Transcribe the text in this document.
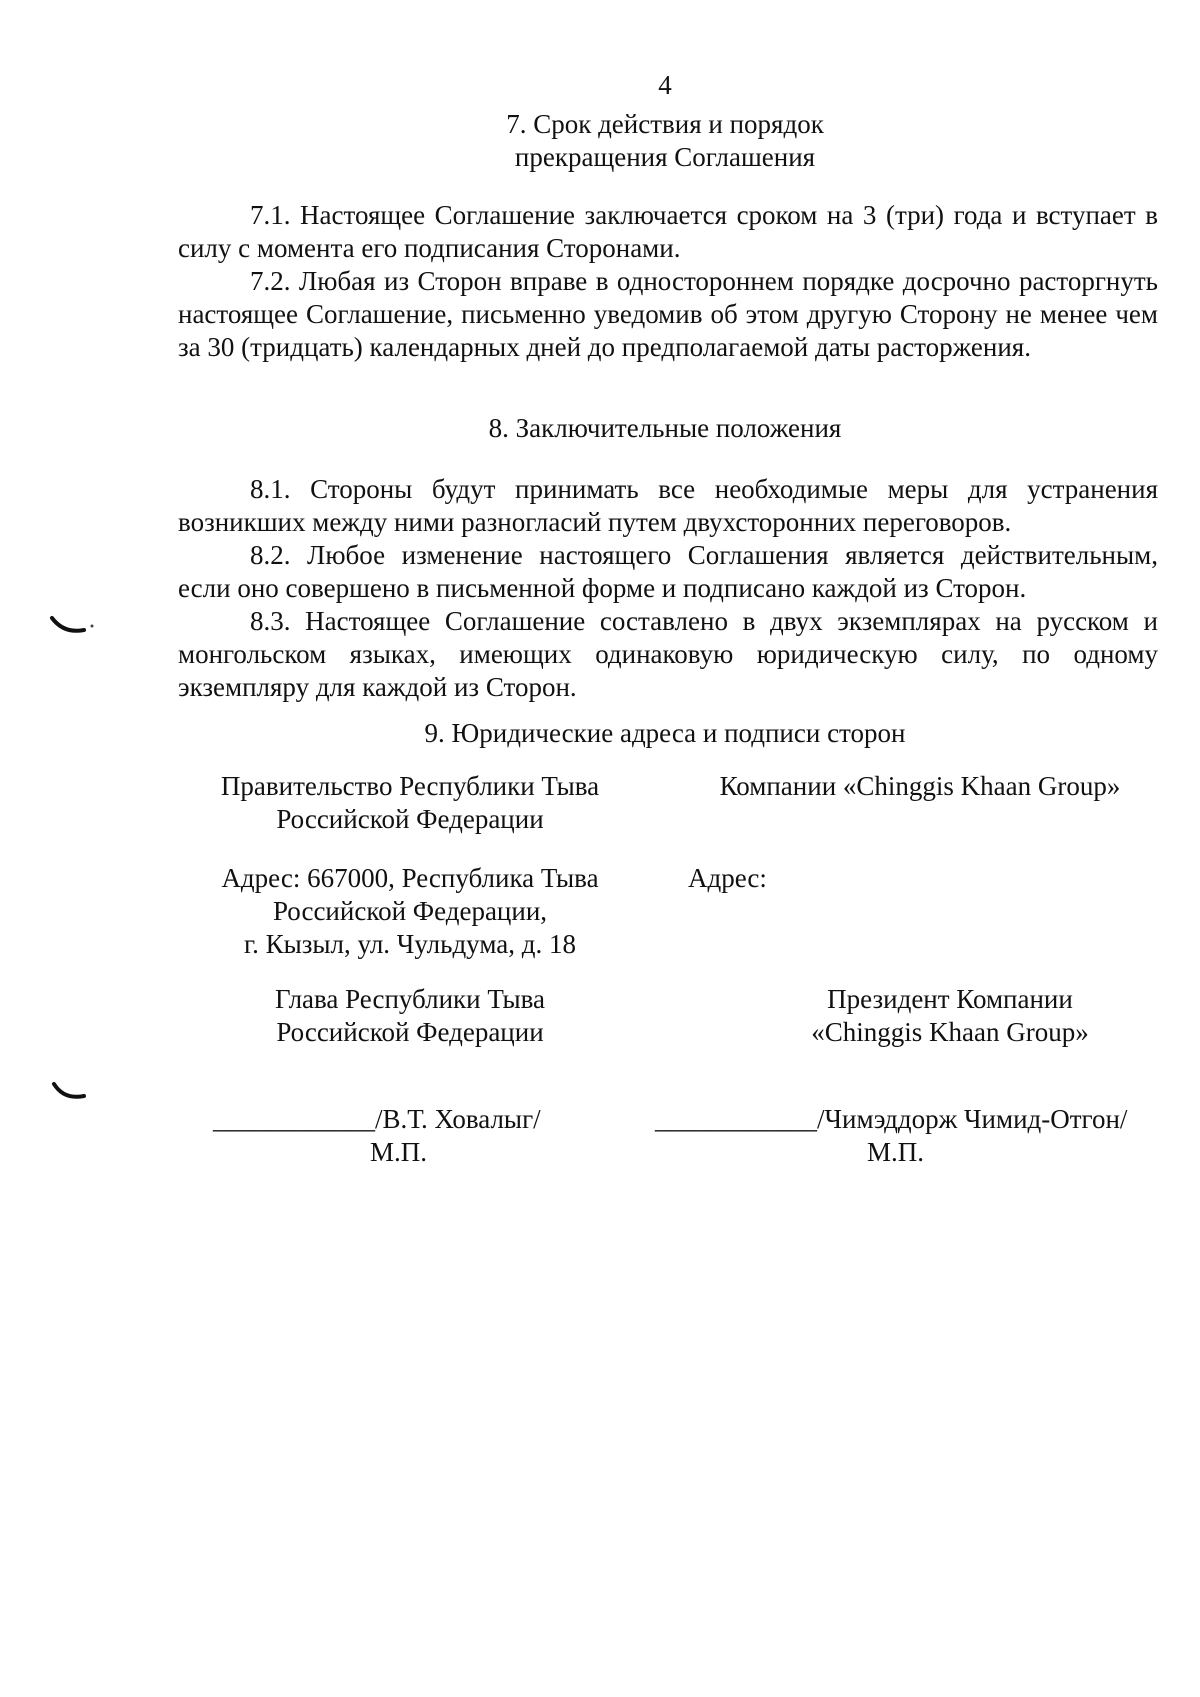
4
7. Срок действия и порядок
прекращения Соглашения
7.1. Настоящее Соглашение заключается сроком на 3 (три) года и вступает в силу с момента его подписания Сторонами.
7.2. Любая из Сторон вправе в одностороннем порядке досрочно расторгнуть настоящее Соглашение, письменно уведомив об этом другую Сторону не менее чем за 30 (тридцать) календарных дней до предполагаемой даты расторжения.
8. Заключительные положения
8.1. Стороны будут принимать все необходимые меры для устранения возникших между ними разногласий путем двухсторонних переговоров.
8.2. Любое изменение настоящего Соглашения является действительным, если оно совершено в письменной форме и подписано каждой из Сторон.
8.3. Настоящее Соглашение составлено в двух экземплярах на русском и монгольском языках, имеющих одинаковую юридическую силу, по одному экземпляру для каждой из Сторон.
9. Юридические адреса и подписи сторон
Правительство Республики Тыва
Российской Федерации
Адрес: 667000, Республика Тыва
Российской Федерации,
г. Кызыл, ул. Чульдума, д. 18
Глава Республики Тыва
Российской Федерации
____________/В.Т. Ховалыг/
М.П.
Компании «Chinggis Khaan Group»
Адрес:
Президент Компании
«Chinggis Khaan Group»
____________/Чимэддорж Чимид-Отгон/
М.П.
